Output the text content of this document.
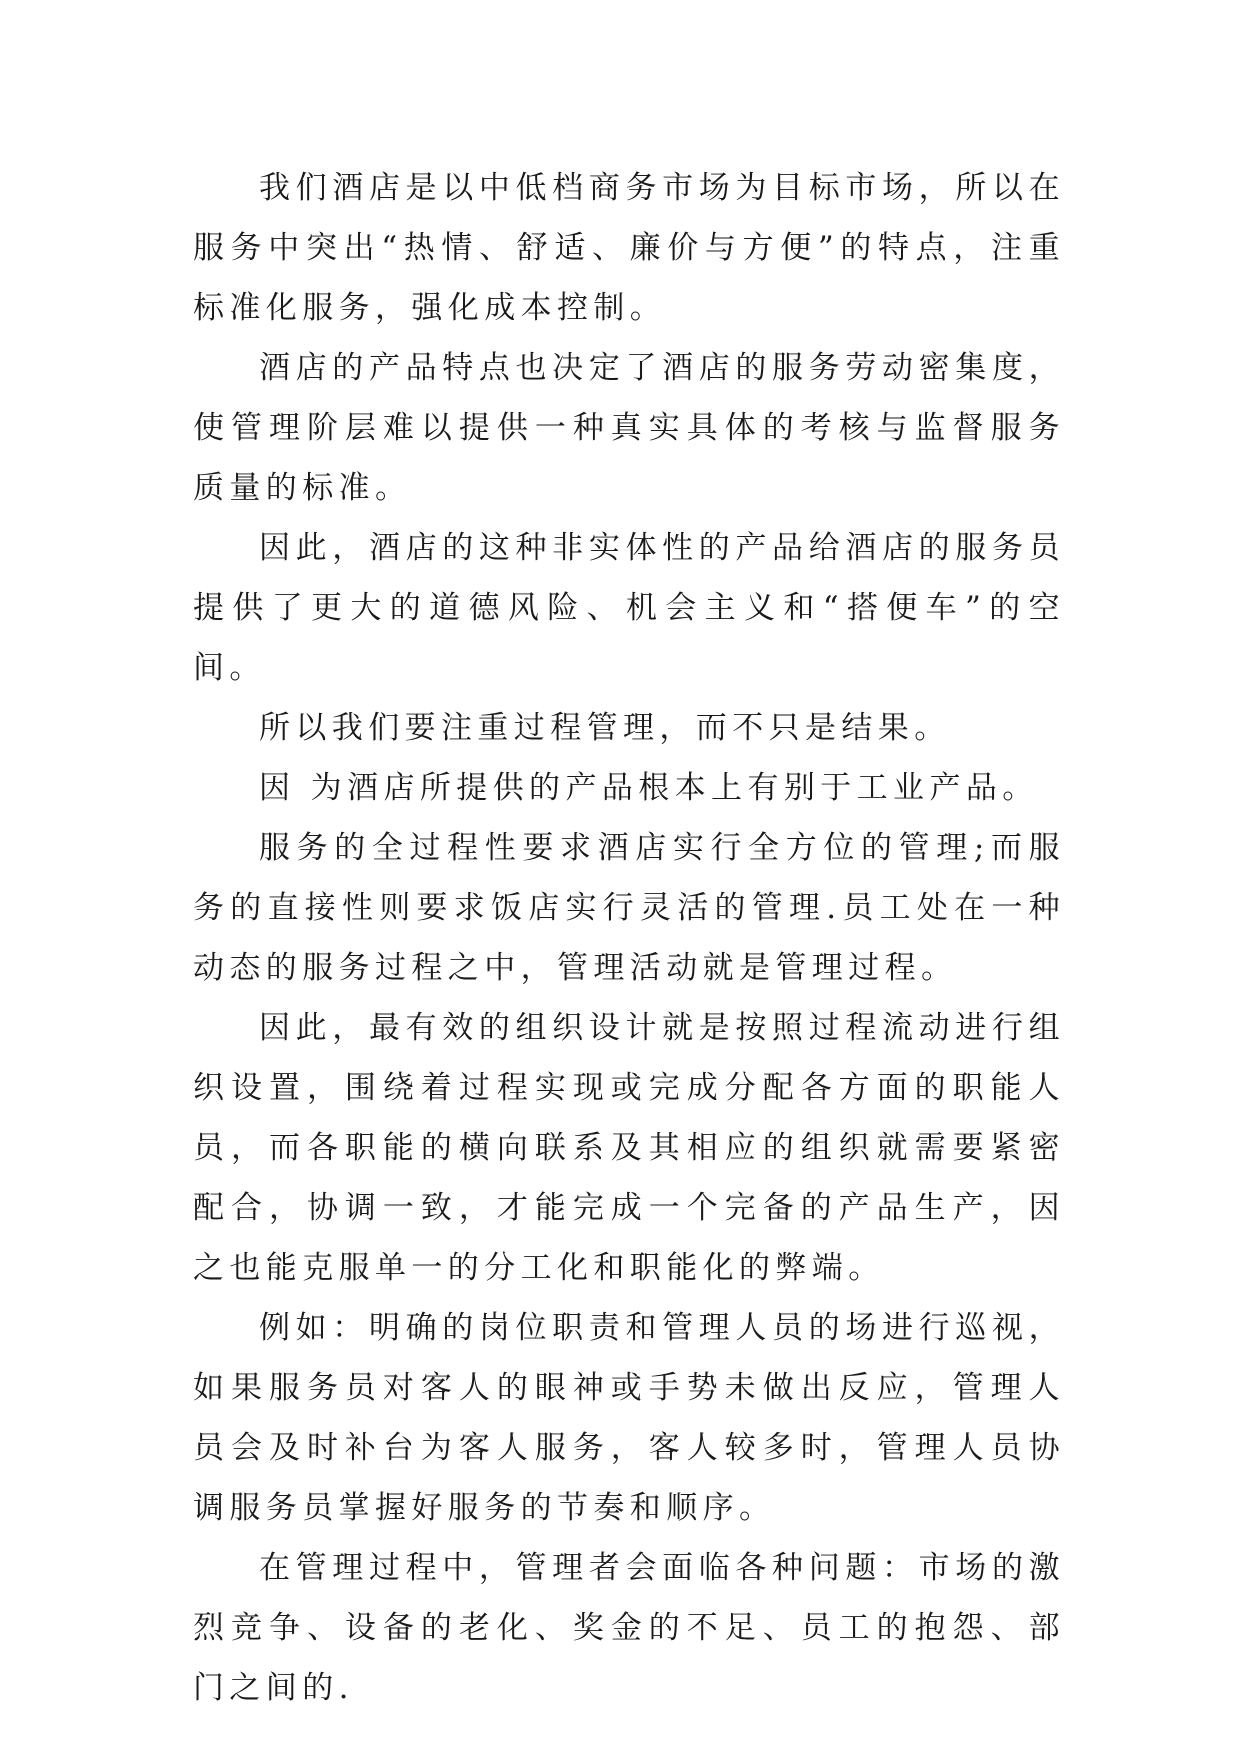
我们酒店是以中低档商务市场为目标市场，所以在服务中突出“热情、舒适、廉价与方便”的特点，注重标准化服务，强化成本控制。

酒店的产品特点也决定了酒店的服务劳动密集度，使管理阶层难以提供一种真实具体的考核与监督服务质量的标准。

因此，酒店的这种非实体性的产品给酒店的服务员提供了更大的道德风险、机会主义和“搭便车”的空间。

所以我们要注重过程管理，而不只是结果。

因 为酒店所提供的产品根本上有别于工业产品。

服务的全过程性要求酒店实行全方位的管理;而服务的直接性则要求饭店实行灵活的管理.员工处在一种动态的服务过程之中，管理活动就是管理过程。

因此，最有效的组织设计就是按照过程流动进行组织设置，围绕着过程实现或完成分配各方面的职能人员，而各职能的横向联系及其相应的组织就需要紧密配合，协调一致，才能完成一个完备的产品生产，因之也能克服单一的分工化和职能化的弊端。

例如：明确的岗位职责和管理人员的场进行巡视，如果服务员对客人的眼神或手势未做出反应，管理人员会及时补台为客人服务，客人较多时，管理人员协调服务员掌握好服务的节奏和顺序。

在管理过程中，管理者会面临各种问题：市场的激烈竞争、设备的老化、奖金的不足、员工的抱怨、部门之间的.
